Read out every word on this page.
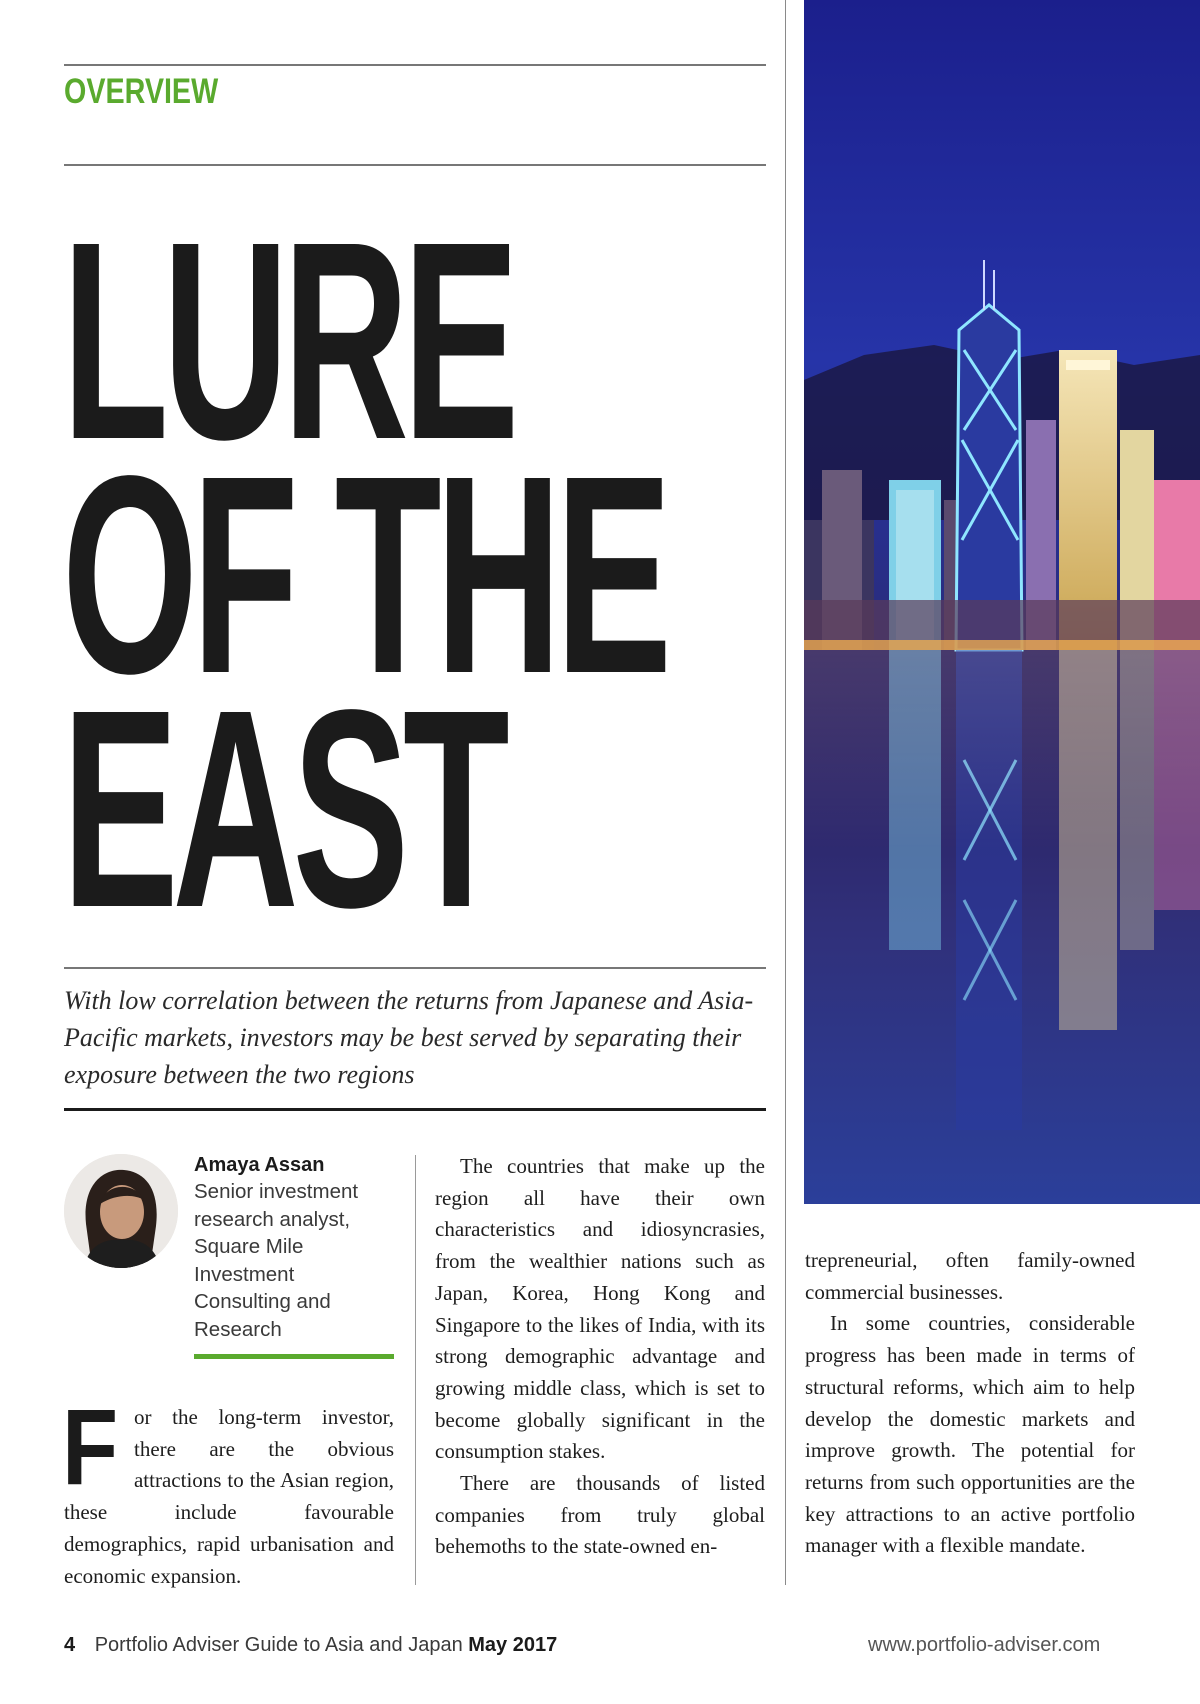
OVERVIEW
LURE
OF THE
EAST

With low correlation between the returns from Japanese and Asia-Pacific markets, investors may be best served by separating their exposure between the two regions

Amaya Assan
Senior investment research analyst, Square Mile Investment Consulting and Research

For the long-term investor, there are the obvious attractions to the Asian region, these include favourable demographics, rapid urbanisation and economic expansion.

The countries that make up the region all have their own characteristics and idiosyncrasies, from the wealthier nations such as Japan, Korea, Hong Kong and Singapore to the likes of India, with its strong demographic advantage and growing middle class, which is set to become globally significant in the consumption stakes.

There are thousands of listed companies from truly global behemoths to the state-owned en-

trepreneurial, often family-owned commercial businesses.

In some countries, considerable progress has been made in terms of structural reforms, which aim to help develop the domestic markets and improve growth. The potential for returns from such opportunities are the key attractions to an active portfolio manager with a flexible mandate.

4 Portfolio Adviser Guide to Asia and Japan May 2017	www.portfolio-adviser.com
